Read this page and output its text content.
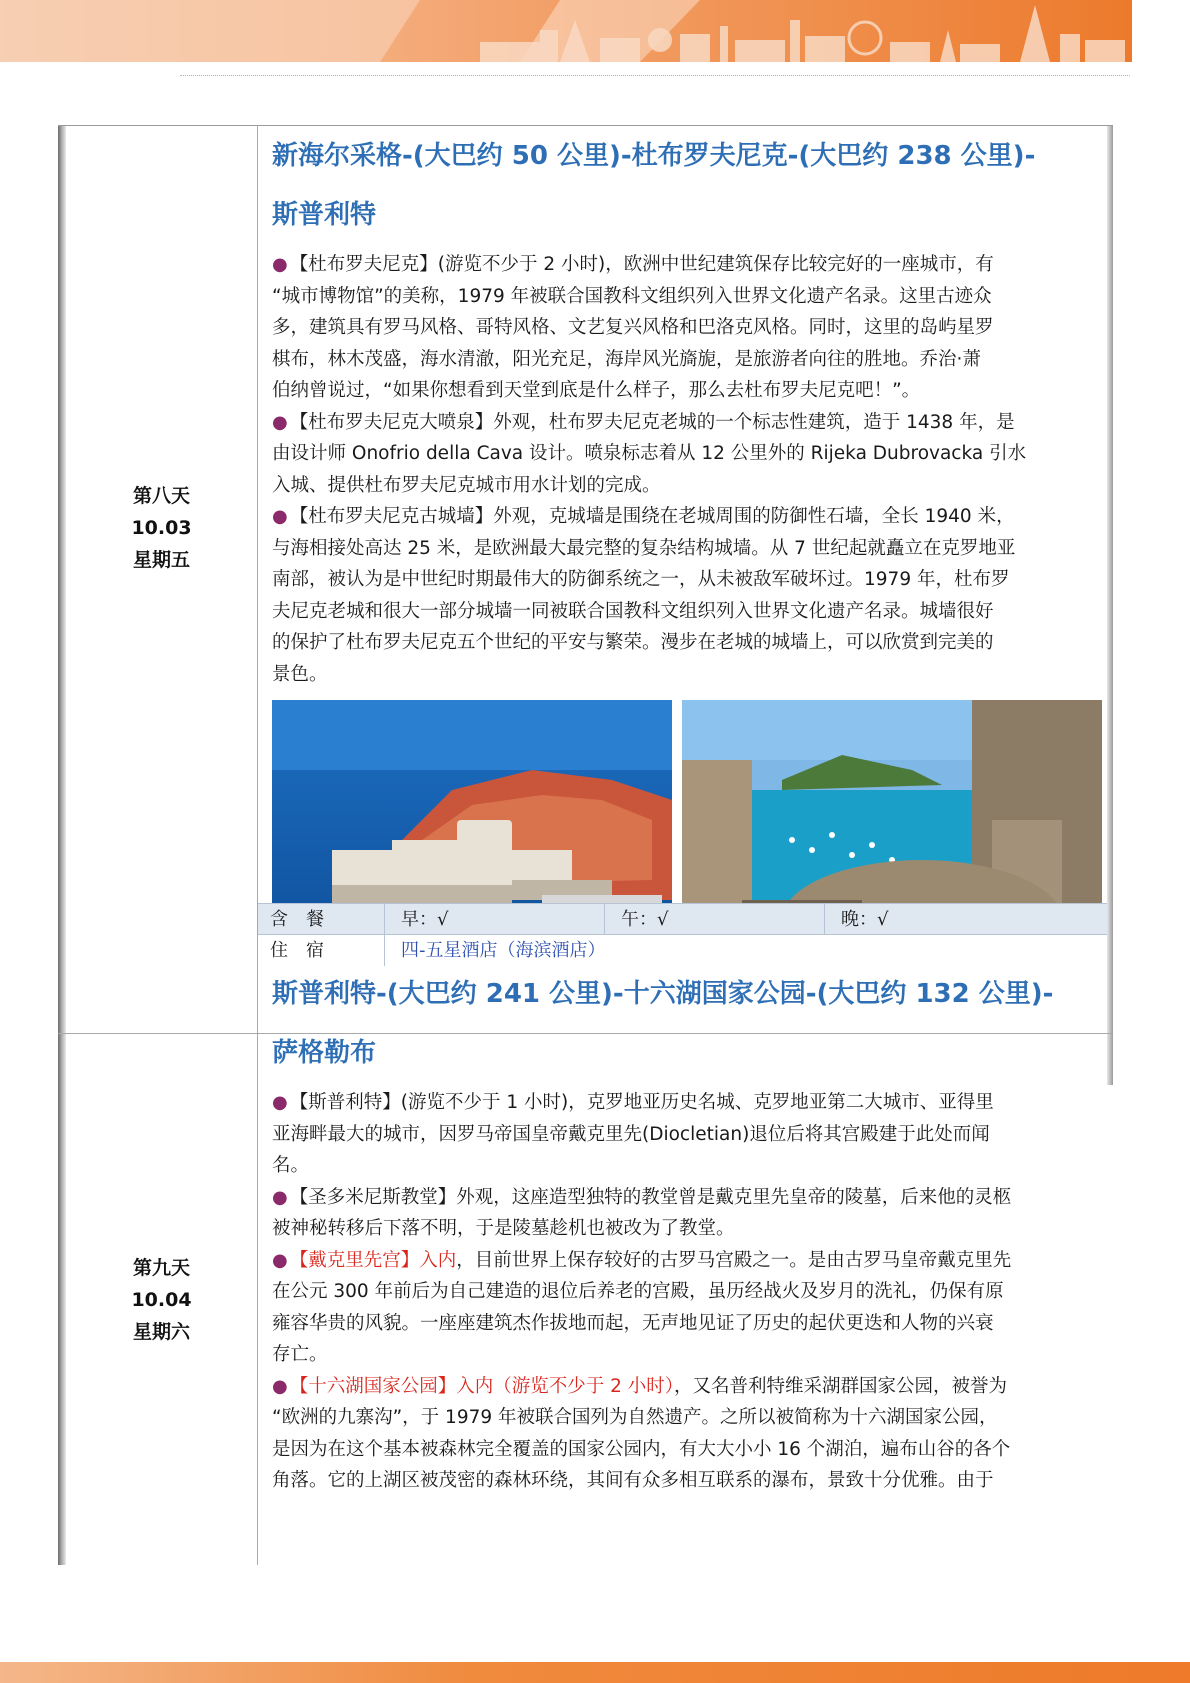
第八天
10.03
星期五

新海尔采格-(大巴约 50 公里)-杜布罗夫尼克-(大巴约 238 公里)-

斯普利特

● 【杜布罗夫尼克】(游览不少于 2 小时)，欧洲中世纪建筑保存比较完好的一座城市，有

“城市博物馆”的美称，1979 年被联合国教科文组织列入世界文化遗产名录。这里古迹众

多，建筑具有罗马风格、哥特风格、文艺复兴风格和巴洛克风格。同时，这里的岛屿星罗

棋布，林木茂盛，海水清澈，阳光充足，海岸风光旖旎，是旅游者向往的胜地。乔治·萧

伯纳曾说过，“如果你想看到天堂到底是什么样子，那么去杜布罗夫尼克吧！”。

● 【杜布罗夫尼克大喷泉】外观，杜布罗夫尼克老城的一个标志性建筑，造于 1438 年，是

由设计师 Onofrio della Cava 设计。喷泉标志着从 12 公里外的 Rijeka Dubrovacka 引水

入城、提供杜布罗夫尼克城市用水计划的完成。

● 【杜布罗夫尼克古城墙】外观，克城墙是围绕在老城周围的防御性石墙，全长 1940 米，

与海相接处高达 25 米，是欧洲最大最完整的复杂结构城墙。从 7 世纪起就矗立在克罗地亚

南部，被认为是中世纪时期最伟大的防御系统之一，从未被敌军破坏过。1979 年，杜布罗

夫尼克老城和很大一部分城墙一同被联合国教科文组织列入世界文化遗产名录。城墙很好

的保护了杜布罗夫尼克五个世纪的平安与繁荣。漫步在老城的城墙上，可以欣赏到完美的

景色。

含　餐	早：√	午：√	晚：√
住　宿	四-五星酒店（海滨酒店）
第九天
10.04
星期六

斯普利特-(大巴约 241 公里)-十六湖国家公园-(大巴约 132 公里)-

萨格勒布

● 【斯普利特】(游览不少于 1 小时)，克罗地亚历史名城、克罗地亚第二大城市、亚得里

亚海畔最大的城市，因罗马帝国皇帝戴克里先(Diocletian)退位后将其宫殿建于此处而闻

名。

● 【圣多米尼斯教堂】外观，这座造型独特的教堂曾是戴克里先皇帝的陵墓，后来他的灵柩

被神秘转移后下落不明，于是陵墓趁机也被改为了教堂。

● 【戴克里先宫】入内，目前世界上保存较好的古罗马宫殿之一。是由古罗马皇帝戴克里先

在公元 300 年前后为自己建造的退位后养老的宫殿，虽历经战火及岁月的洗礼，仍保有原

雍容华贵的风貌。一座座建筑杰作拔地而起，无声地见证了历史的起伏更迭和人物的兴衰

存亡。

● 【十六湖国家公园】入内（游览不少于 2 小时），又名普利特维采湖群国家公园，被誉为

“欧洲的九寨沟”，于 1979 年被联合国列为自然遗产。之所以被简称为十六湖国家公园，

是因为在这个基本被森林完全覆盖的国家公园内，有大大小小 16 个湖泊，遍布山谷的各个

角落。它的上湖区被茂密的森林环绕，其间有众多相互联系的瀑布，景致十分优雅。由于
